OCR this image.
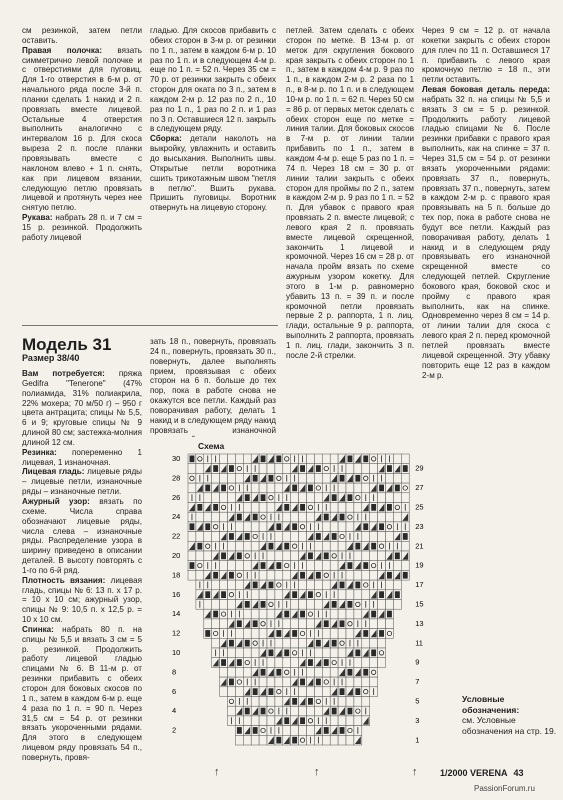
см резинкой, затем петли оставить.

Правая полочка: вязать симметрично левой полочке и с отверстиями для пуговиц. Для 1-го отверстия в 6-м р. от начального ряда после 3-й п. планки сделать 1 накид и 2 п. провязать вместе лицевой. Остальные 4 отверстия выполнить аналогично с интервалом 16 р. Для скоса выреза 2 п. после планки провязывать вместе с наклоном влево + 1 п. снять, как при лицевом вязании, следующую петлю провязать лицевой и протянуть через нее снятую петлю.

Рукава: набрать 28 п. и 7 см = 15 р. резинкой. Продолжить работу лицевой

гладью. Для скосов прибавить с обеих сторон в 3-м р. от резинки по 1 п., затем в каждом 6-м р. 10 раз по 1 п. и в следующем 4-м р. еще по 1 п. = 52 п. Через 35 см = 70 р. от резинки закрыть с обеих сторон для оката по 3 п., затем в каждом 2-м р. 12 раз по 2 п., 10 раз по 1 п., 1 раз по 2 п. и 1 раз по 3 п. Оставшиеся 12 п. закрыть в следующем ряду.

Сборка: детали наколоть на выкройку, увлажнить и оставить до высыхания. Выполнить швы. Открытые петли воротника сшить трикотажным швом "петля в петлю". Вшить рукава. Пришить пуговицы. Воротник отвернуть на лицевую сторону.

петлей. Затем сделать с обеих сторон по метке. В 13-м р. от меток для скругления бокового края закрыть с обеих сторон по 1 п., затем в каждом 4-м р. 9 раз по 1 п., в каждом 2-м р. 2 раза по 1 п., в 8-м р. по 1 п. и в следующем 10-м р. по 1 п. = 62 п. Через 50 см = 86 р. от первых меток сделать с обеих сторон еще по метке = линия талии. Для боковых скосов в 7-м р. от линии талии прибавить по 1 п., затем в каждом 4-м р. еще 5 раз по 1 п. = 74 п. Через 18 см = 30 р. от линии талии закрыть с обеих сторон для проймы по 2 п., затем в каждом 2-м р. 9 раз по 1 п. = 52 п. Для убавок с правого края провязать 2 п. вместе лицевой; с левого края 2 п. провязать вместе лицевой скрещенной, закончить 1 лицевой и кромочной. Через 16 см = 28 р. от начала пройм вязать по схеме ажурным узором кокетку. Для этого в 1-м р. равномерно убавить 13 п. = 39 п. и после кромочной петли провязать первые 2 р. раппорта, 1 п. лиц. глади, остальные 9 р. раппорта, выполнить 2 раппорта, провязать 1 п. лиц. глади, закончить 3 п. после 2-й стрелки.

Через 9 см = 12 р. от начала кокетки закрыть с обеих сторон для плеч по 11 п. Оставшиеся 17 п. прибавить с левого края кромочную петлю = 18 п., эти петли оставить.

Левая боковая деталь переда: набрать 32 п. на спицы № 5,5 и вязать 3 см = 5 р. резинкой. Продолжить работу лицевой гладью спицами № 6. После резинки прибавки с правого края выполнить, как на спинке = 37 п. Через 31,5 см = 54 р. от резинки вязать укороченными рядами: провязать 37 п., повернуть, провязать 37 п., повернуть, затем в каждом 2-м р. с правого края провязывать на 5 п. больше до тех пор, пока в работе снова не будут все петли. Каждый раз поворачивая работу, делать 1 накид и в следующем ряду провязывать его изнаночной скрещенной вместе со следующей петлей. Скругление бокового края, боковой скос и пройму с правого края выполнить, как на спинке. Одновременно через 8 см = 14 р. от линии талии для скоса с левого края 2 п. перед кромочной петлей провязать вместе лицевой скрещенной. Эту убавку повторить еще 12 раз в каждом 2-м р.

Модель 31
Размер 38/40

Вам потребуется: пряжа Gedifra "Tenerone" (47% полиамида, 31% полиакрила, 22% мохера; 70 м/50 г) – 950 г цвета антрацита; спицы № 5,5, 6 и 9; круговые спицы № 9 длиной 80 см; застежка-молния длиной 12 см.

Резинка: попеременно 1 лицевая, 1 изнаночная.

Лицевая гладь: лицевые ряды – лицевые петли, изнаночные ряды – изнаночные петли.

Ажурный узор: вязать по схеме. Числа справа обозначают лицевые ряды, числа слева – изнаночные ряды. Распределение узора в ширину приведено в описании деталей. В высоту повторять с 1-го по 6-й ряд.

Плотность вязания: лицевая гладь, спицы № 6: 13 п. x 17 р. = 10 x 10 см; ажурный узор, спицы № 9: 10,5 п. x 12,5 р. = 10 x 10 см.

Спинка: набрать 80 п. на спицы № 5,5 и вязать 3 см = 5 р. резинкой. Продолжить работу лицевой гладью спицами № 6. В 11-м р. от резинки прибавить с обеих сторон для боковых скосов по 1 п., затем в каждом 6-м р. еще 4 раза по 1 п. = 90 п. Через 31,5 см = 54 р. от резинки вязать укороченными рядами. Для этого в следующем лицевом ряду провязать 54 п., повернуть, провя-

зать 18 п., повернуть, провязать 24 п., повернуть, провязать 30 п., повернуть, далее выполнять прием, провязывая с обеих сторон на 6 п. больше до тех пор, пока в работе снова не окажутся все петли. Каждый раз поворачивая работу, делать 1 накид и в следующем ряду накид провязать изнаночной

Схема
29
27
25
23
21
19
17
15
13
11
9
7
5
3
1
30
28
26
24
22
20
18
16
14
12
10
8
6
4
2
↑	↑	↑

Условные обозначения:

см. Условные обозначения на стр. 19.

1/2000 VERENA 43
PassionForum.ru
